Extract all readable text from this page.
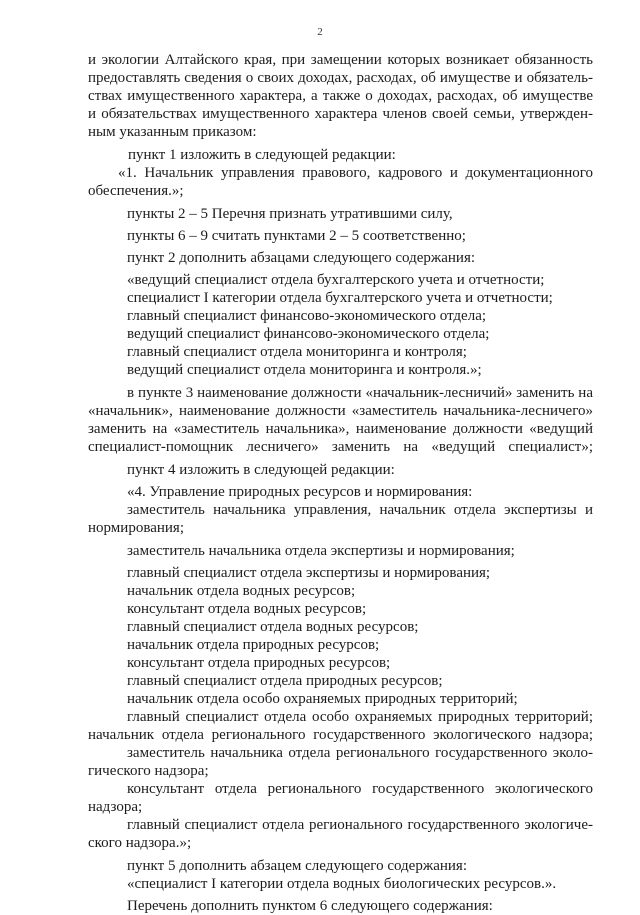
2
и экологии Алтайского края, при замещении которых возникает обязанность
предоставлять сведения о своих доходах, расходах, об имуществе и обязатель-
ствах имущественного характера, а также о доходах, расходах, об имуществе
и обязательствах имущественного характера членов своей семьи, утвержден-
ным указанным приказом:
пункт 1 изложить в следующей редакции:
«1. Начальник управления правового, кадрового и документационного
обеспечения.»;
пункты 2 – 5 Перечня признать утратившими силу,
пункты 6 – 9 считать пунктами 2 – 5 соответственно;
пункт 2 дополнить абзацами следующего содержания:
«ведущий специалист отдела бухгалтерского учета и отчетности;
специалист I категории отдела бухгалтерского учета и отчетности;
главный специалист финансово-экономического отдела;
ведущий специалист финансово-экономического отдела;
главный специалист отдела мониторинга и контроля;
ведущий специалист отдела мониторинга и контроля.»;
в пункте 3 наименование должности «начальник-лесничий» заменить на
«начальник», наименование должности «заместитель начальника-лесничего»
заменить на «заместитель начальника», наименование должности «ведущий
специалист-помощник лесничего» заменить на «ведущий специалист»;
пункт 4 изложить в следующей редакции:
«4. Управление природных ресурсов и нормирования:
заместитель начальника управления, начальник отдела экспертизы и
нормирования;
заместитель начальника отдела экспертизы и нормирования;
главный специалист отдела экспертизы и нормирования;
начальник отдела водных ресурсов;
консультант отдела водных ресурсов;
главный специалист отдела водных ресурсов;
начальник отдела природных ресурсов;
консультант отдела природных ресурсов;
главный специалист отдела природных ресурсов;
начальник отдела особо охраняемых природных территорий;
главный специалист отдела особо охраняемых природных территорий;
начальник отдела регионального государственного экологического надзора;
заместитель начальника отдела регионального государственного эколо-
гического надзора;
консультант отдела регионального государственного экологического
надзора;
главный специалист отдела регионального государственного экологиче-
ского надзора.»;
пункт 5 дополнить абзацем следующего содержания:
«специалист I категории отдела водных биологических ресурсов.».
Перечень дополнить пунктом 6 следующего содержания:
